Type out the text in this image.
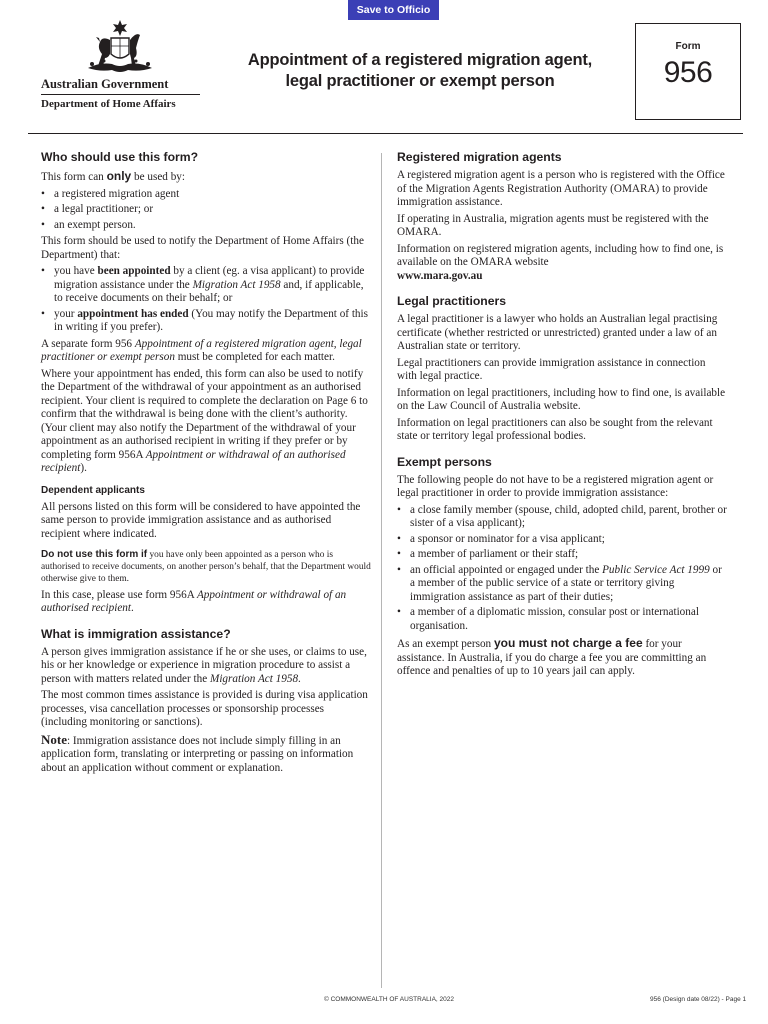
Save to Officio
Australian Government
Department of Home Affairs
Appointment of a registered migration agent,
legal practitioner or exempt person
Form
956
Who should use this form?
This form can only be used by:
• a registered migration agent
• a legal practitioner; or
• an exempt person.
This form should be used to notify the Department of Home Affairs (the Department) that:
• you have been appointed by a client (eg. a visa applicant) to provide migration assistance under the Migration Act 1958 and, if applicable, to receive documents on their behalf; or
• your appointment has ended (You may notify the Department of this in writing if you prefer).
A separate form 956 Appointment of a registered migration agent, legal practitioner or exempt person must be completed for each matter.
Where your appointment has ended, this form can also be used to notify the Department of the withdrawal of your appointment as an authorised recipient. Your client is required to complete the declaration on Page 6 to confirm that the withdrawal is being done with the client’s authority. (Your client may also notify the Department of the withdrawal of your appointment as an authorised recipient in writing if they prefer or by completing form 956A Appointment or withdrawal of an authorised recipient).
Dependent applicants
All persons listed on this form will be considered to have appointed the same person to provide immigration assistance and as authorised recipient where indicated.
Do not use this form if you have only been appointed as a person who is authorised to receive documents, on another person’s behalf, that the Department would otherwise give to them.
In this case, please use form 956A Appointment or withdrawal of an authorised recipient.
What is immigration assistance?
A person gives immigration assistance if he or she uses, or claims to use, his or her knowledge or experience in migration procedure to assist a person with matters related under the Migration Act 1958.
The most common times assistance is provided is during visa application processes, visa cancellation processes or sponsorship processes (including monitoring or sanctions).
Note: Immigration assistance does not include simply filling in an application form, translating or interpreting or passing on information about an application without comment or explanation.
Registered migration agents
A registered migration agent is a person who is registered with the Office of the Migration Agents Registration Authority (OMARA) to provide immigration assistance.
If operating in Australia, migration agents must be registered with the OMARA.
Information on registered migration agents, including how to find one, is available on the OMARA website
www.mara.gov.au
Legal practitioners
A legal practitioner is a lawyer who holds an Australian legal practising certificate (whether restricted or unrestricted) granted under a law of an Australian state or territory.
Legal practitioners can provide immigration assistance in connection with legal practice.
Information on legal practitioners, including how to find one, is available on the Law Council of Australia website.
Information on legal practitioners can also be sought from the relevant state or territory legal professional bodies.
Exempt persons
The following people do not have to be a registered migration agent or legal practitioner in order to provide immigration assistance:
• a close family member (spouse, child, adopted child, parent, brother or sister of a visa applicant);
• a sponsor or nominator for a visa applicant;
• a member of parliament or their staff;
• an official appointed or engaged under the Public Service Act 1999 or a member of the public service of a state or territory giving immigration assistance as part of their duties;
• a member of a diplomatic mission, consular post or international organisation.
As an exempt person you must not charge a fee for your assistance. In Australia, if you do charge a fee you are committing an offence and penalties of up to 10 years jail can apply.
© COMMONWEALTH OF AUSTRALIA, 2022	956 (Design date 08/22) - Page 1
